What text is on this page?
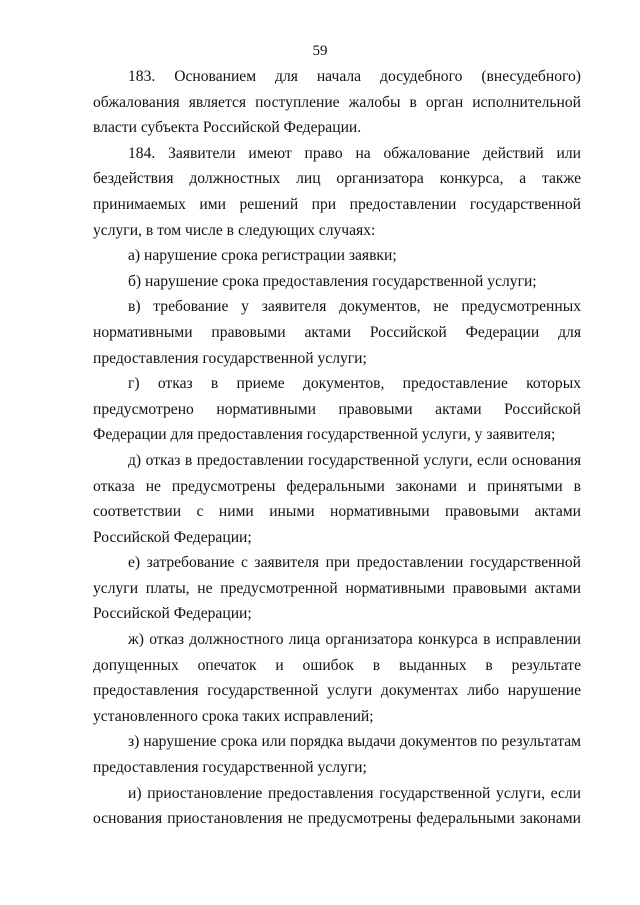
59

183. Основанием для начала досудебного (внесудебного) обжалования является поступление жалобы в орган исполнительной власти субъекта Российской Федерации.

184. Заявители имеют право на обжалование действий или бездействия должностных лиц организатора конкурса, а также принимаемых ими решений при предоставлении государственной услуги, в том числе в следующих случаях:

а) нарушение срока регистрации заявки;

б) нарушение срока предоставления государственной услуги;

в) требование у заявителя документов, не предусмотренных нормативными правовыми актами Российской Федерации для предоставления государственной услуги;

г) отказ в приеме документов, предоставление которых предусмотрено нормативными правовыми актами Российской Федерации для предоставления государственной услуги, у заявителя;

д) отказ в предоставлении государственной услуги, если основания отказа не предусмотрены федеральными законами и принятыми в соответствии с ними иными нормативными правовыми актами Российской Федерации;

е) затребование с заявителя при предоставлении государственной услуги платы, не предусмотренной нормативными правовыми актами Российской Федерации;

ж) отказ должностного лица организатора конкурса в исправлении допущенных опечаток и ошибок в выданных в результате предоставления государственной услуги документах либо нарушение установленного срока таких исправлений;

з) нарушение срока или порядка выдачи документов по результатам предоставления государственной услуги;

и) приостановление предоставления государственной услуги, если основания приостановления не предусмотрены федеральными законами
